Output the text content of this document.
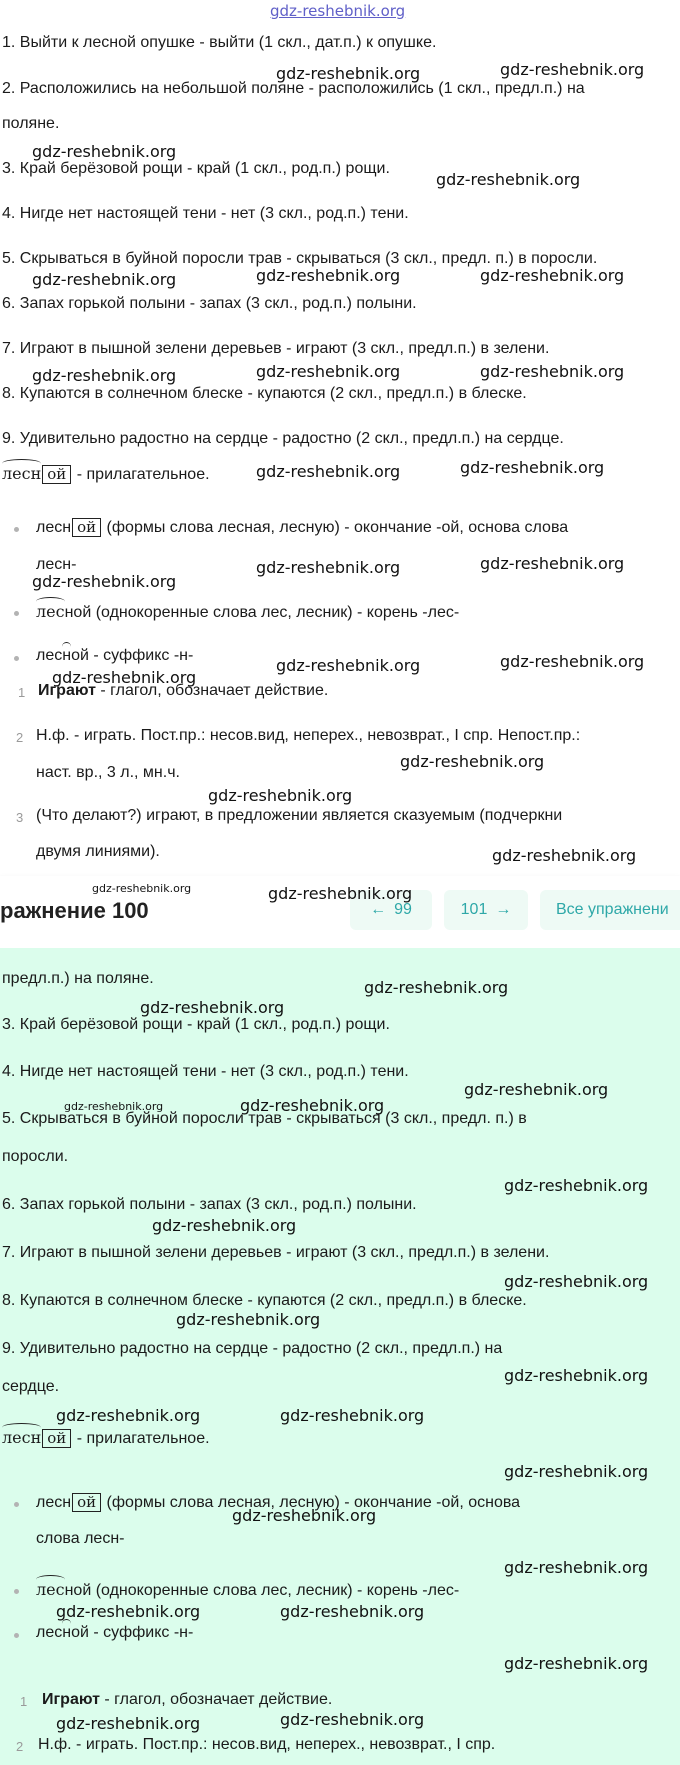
gdz-reshebnik.org
1. Выйти к лесной опушке - выйти (1 скл., дат.п.) к опушке.
2. Расположились на небольшой поляне - расположились (1 скл., предл.п.) на
поляне.
3. Край берёзовой рощи - край (1 скл., род.п.) рощи.
4. Нигде нет настоящей тени - нет (3 скл., род.п.) тени.
5. Скрываться в буйной поросли трав - скрываться (3 скл., предл. п.) в поросли.
6. Запах горькой полыни - запах (3 скл., род.п.) полыни.
7. Играют в пышной зелени деревьев - играют (3 скл., предл.п.) в зелени.
8. Купаются в солнечном блеске - купаются (2 скл., предл.п.) в блеске.
9. Удивительно радостно на сердце - радостно (2 скл., предл.п.) на сердце.
лесн ой - прилагательное.
лесн ой (формы слова лесная, лесную) - окончание -ой, основа слова
лесн-
лесной (однокоренные слова лес, лесник) - корень -лес-
лесной - суффикс -н-
1 Играют - глагол, обозначает действие.
2 Н.ф. - играть. Пост.пр.: несов.вид, неперех., невозврат., I спр. Непост.пр.:
наст. вр., 3 л., мн.ч.
3 (Что делают?) играют, в предложении является сказуемым (подчеркни
двумя линиями).
ражнение 100	← 99	101 →	Все упражнени
предл.п.) на поляне.
3. Край берёзовой рощи - край (1 скл., род.п.) рощи.
4. Нигде нет настоящей тени - нет (3 скл., род.п.) тени.
5. Скрываться в буйной поросли трав - скрываться (3 скл., предл. п.) в
поросли.
6. Запах горькой полыни - запах (3 скл., род.п.) полыни.
7. Играют в пышной зелени деревьев - играют (3 скл., предл.п.) в зелени.
8. Купаются в солнечном блеске - купаются (2 скл., предл.п.) в блеске.
9. Удивительно радостно на сердце - радостно (2 скл., предл.п.) на
сердце.
лесн ой - прилагательное.
лесн ой (формы слова лесная, лесную) - окончание -ой, основа
слова лесн-
лесной (однокоренные слова лес, лесник) - корень -лес-
лесной - суффикс -н-
1 Играют - глагол, обозначает действие.
2 Н.ф. - играть. Пост.пр.: несов.вид, неперех., невозврат., I спр.
gdz-reshebnik.org	gdz-reshebnik.org
gdz-reshebnik.org
gdz-reshebnik.org
gdz-reshebnik.org	gdz-reshebnik.org	gdz-reshebnik.org
gdz-reshebnik.org	gdz-reshebnik.org	gdz-reshebnik.org
gdz-reshebnik.org	gdz-reshebnik.org
gdz-reshebnik.org	gdz-reshebnik.org
gdz-reshebnik.org
gdz-reshebnik.org	gdz-reshebnik.org
gdz-reshebnik.org
gdz-reshebnik.org
gdz-reshebnik.org
gdz-reshebnik.org
gdz-reshebnik.org	gdz-reshebnik.org
gdz-reshebnik.org
gdz-reshebnik.org
gdz-reshebnik.org
gdz-reshebnik.org	gdz-reshebnik.org
gdz-reshebnik.org
gdz-reshebnik.org
gdz-reshebnik.org
gdz-reshebnik.org
gdz-reshebnik.org
gdz-reshebnik.org	gdz-reshebnik.org
gdz-reshebnik.org
gdz-reshebnik.org
gdz-reshebnik.org
gdz-reshebnik.org	gdz-reshebnik.org
gdz-reshebnik.org
gdz-reshebnik.org	gdz-reshebnik.org
